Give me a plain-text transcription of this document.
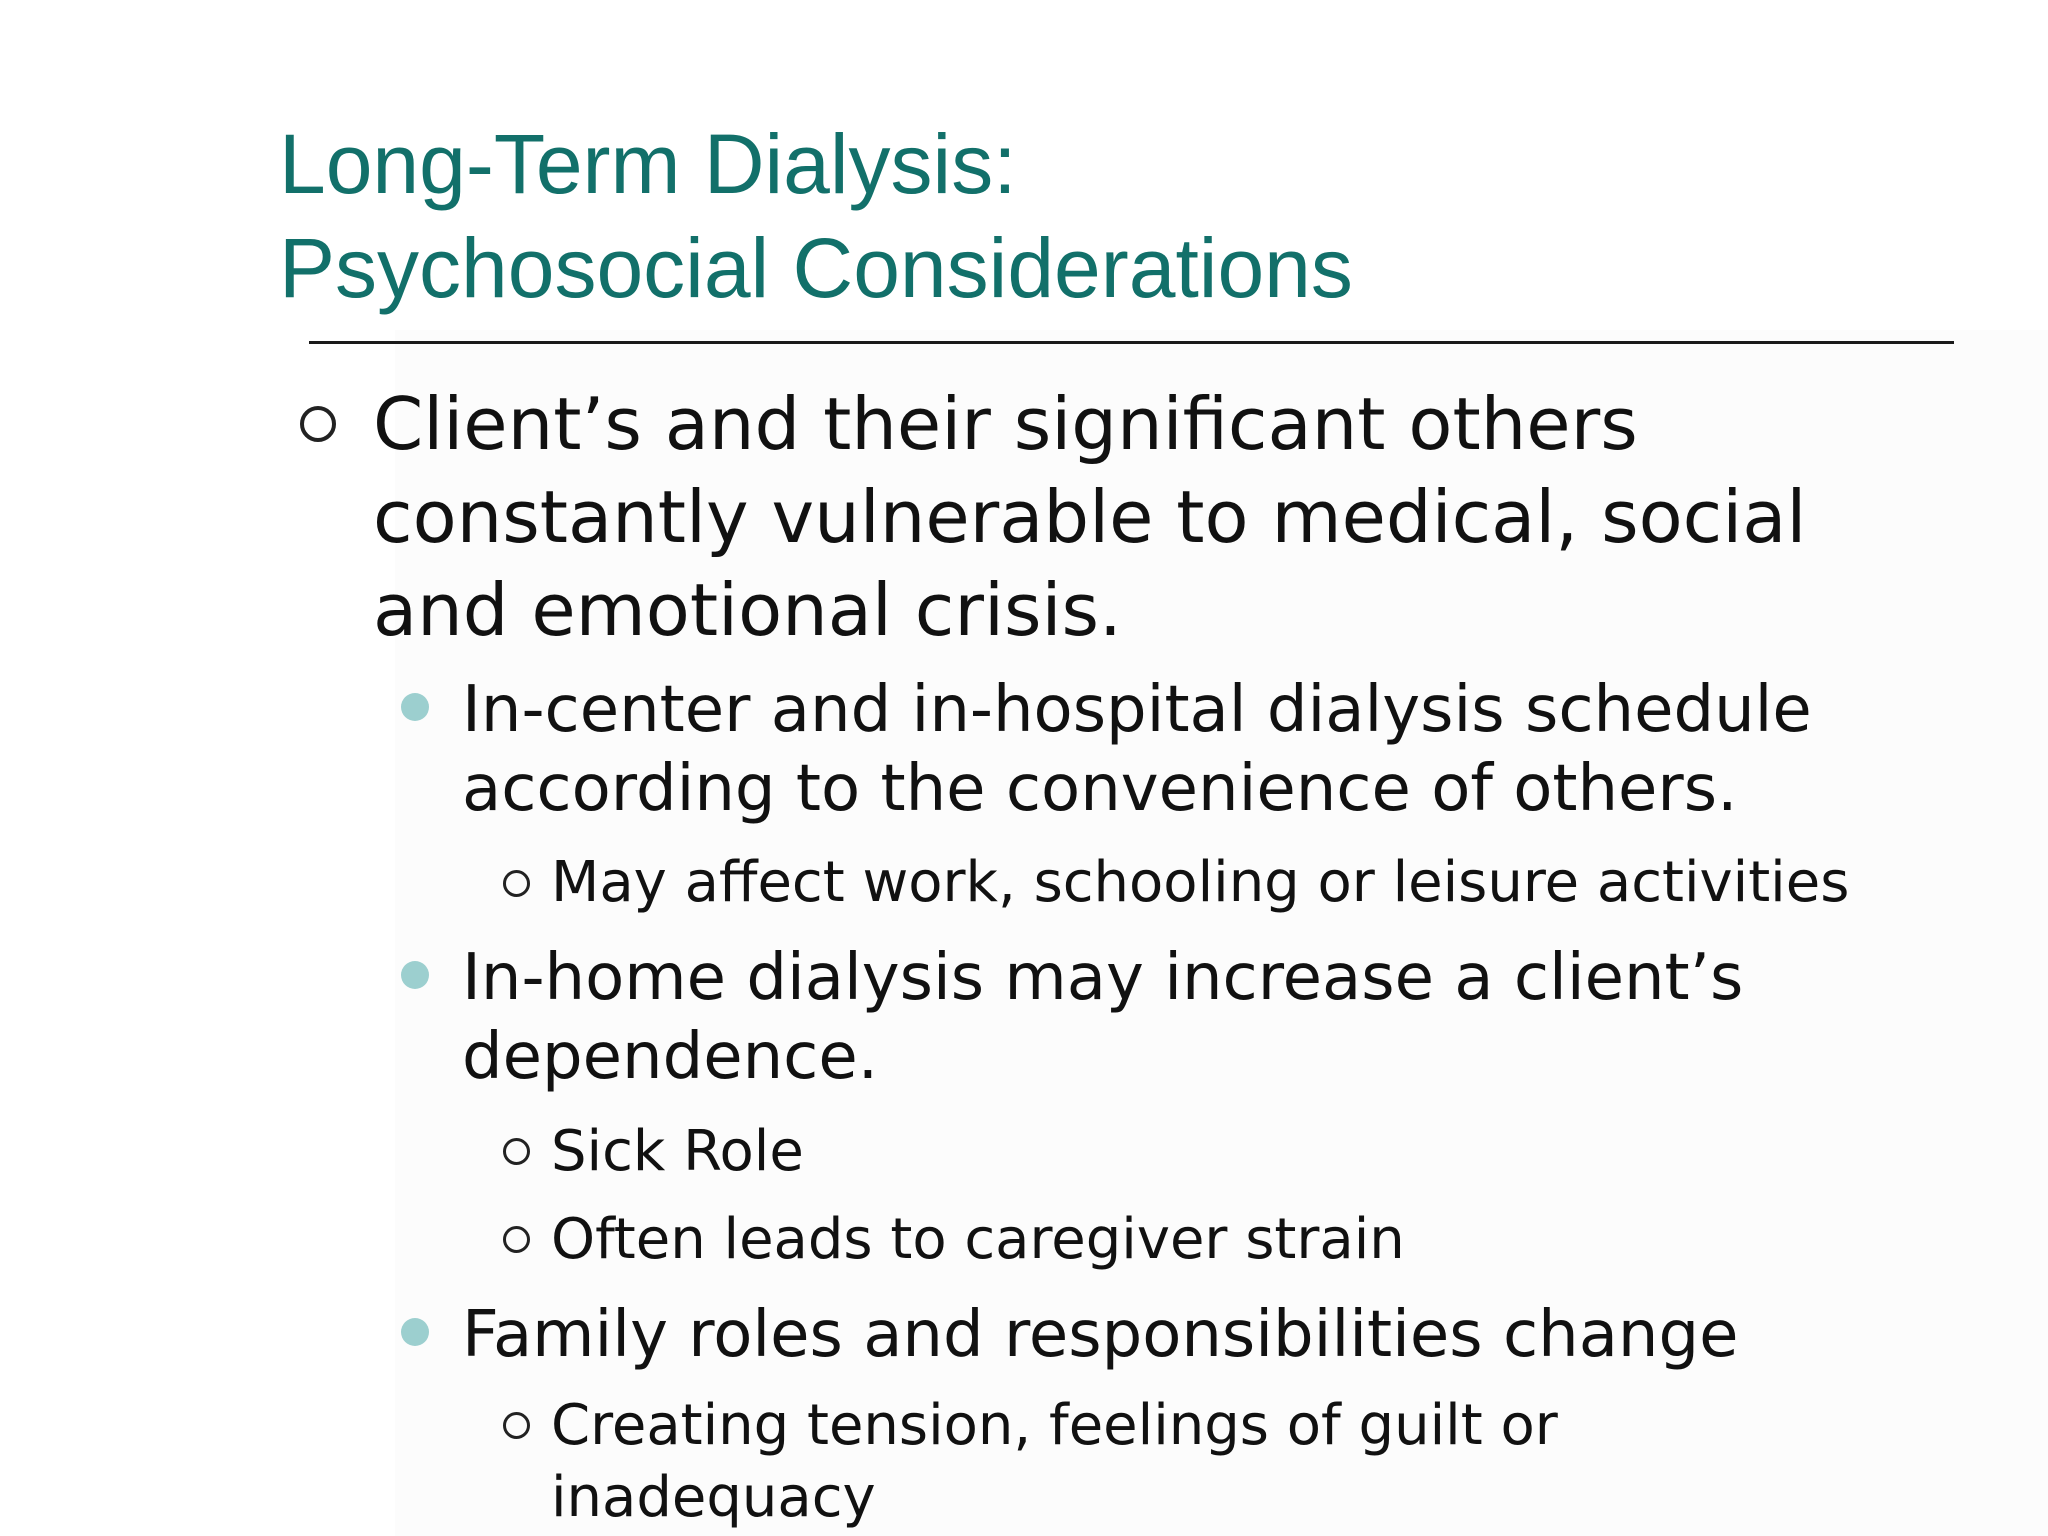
Long-Term Dialysis:
Psychosocial Considerations
Client’s and their significant others
constantly vulnerable to medical, social
and emotional crisis.
In-center and in-hospital dialysis schedule
according to the convenience of others.
May affect work, schooling or leisure activities
In-home dialysis may increase a client’s
dependence.
Sick Role
Often leads to caregiver strain
Family roles and responsibilities change
Creating tension, feelings of guilt or
inadequacy
